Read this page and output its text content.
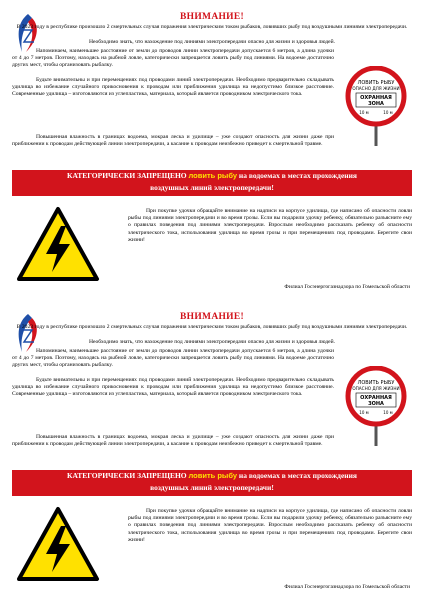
ВНИМАНИЕ!

В 2023 году в республике произошло 2 смертельных случая поражения электрическим током рыбаков, ловивших рыбу под воздушными линиями электропередачи.

Необходимо знать, что нахождение под линиями электропередачи опасно для жизни и здоровья людей.

Напоминаем, наименьшее расстояние от земли до проводов линии электропередачи допускается 6 метров, а длина удочки от 4 до 7 метров. Поэтому, находясь на рыбной ловле, категорически запрещается ловить рыбу под линиями. На водоеме достаточно других мест, чтобы организовать рыбалку.

Будьте внимательны и при перемещениях под проводами линий электропередачи. Необходимо предварительно складывать удилища во избежание случайного прикосновения к проводам или приближения удилища на недопустимо близкое расстояние. Современные удилища – изготовляются из углепластика, материала, который является проводником электрического тока.

Повышенная влажность в границах водоема, мокрая леска и удилище – уже создают опасность для жизни даже при приближении к проводам действующей линии электропередачи, а касание к проводам неизбежно приведет к смертельной травме.

ЛОВИТЬ РЫБУ
ОПАСНО ДЛЯ ЖИЗНИ
ОХРАННАЯ
ЗОНА
10 м	10 м
КАТЕГОРИЧЕСКИ ЗАПРЕЩЕНО ловить рыбу на водоемах в местах прохождения
воздушных линий электропередачи!

При покупке удочки обращайте внимание на надписи на корпусе удилища, где написано об опасности ловли рыбы под линиями электропередачи и во время грозы. Если вы подарили удочку ребенку, обязательно разъясните ему о правилах поведения под линиями электропередачи. Взрослым необходимо рассказать ребенку об опасности электрического тока, использования удилища во время грозы и при перемещениях под проводами. Берегите свои жизни!

Филиал Госэнергогазнадзора по Гомельской области
ВНИМАНИЕ!

В 2023 году в республике произошло 2 смертельных случая поражения электрическим током рыбаков, ловивших рыбу под воздушными линиями электропередачи.

Необходимо знать, что нахождение под линиями электропередачи опасно для жизни и здоровья людей.

Напоминаем, наименьшее расстояние от земли до проводов линии электропередачи допускается 6 метров, а длина удочки от 4 до 7 метров. Поэтому, находясь на рыбной ловле, категорически запрещается ловить рыбу под линиями. На водоеме достаточно других мест, чтобы организовать рыбалку.

Будьте внимательны и при перемещениях под проводами линий электропередачи. Необходимо предварительно складывать удилища во избежание случайного прикосновения к проводам или приближения удилища на недопустимо близкое расстояние. Современные удилища – изготовляются из углепластика, материала, который является проводником электрического тока.

Повышенная влажность в границах водоема, мокрая леска и удилище – уже создают опасность для жизни даже при приближении к проводам действующей линии электропередачи, а касание к проводам неизбежно приведет к смертельной травме.

ЛОВИТЬ РЫБУ
ОПАСНО ДЛЯ ЖИЗНИ
ОХРАННАЯ
ЗОНА
10 м	10 м
КАТЕГОРИЧЕСКИ ЗАПРЕЩЕНО ловить рыбу на водоемах в местах прохождения
воздушных линий электропередачи!

При покупке удочки обращайте внимание на надписи на корпусе удилища, где написано об опасности ловли рыбы под линиями электропередачи и во время грозы. Если вы подарили удочку ребенку, обязательно разъясните ему о правилах поведения под линиями электропередачи. Взрослым необходимо рассказать ребенку об опасности электрического тока, использования удилища во время грозы и при перемещениях под проводами. Берегите свои жизни!

Филиал Госэнергогазнадзора по Гомельской области
